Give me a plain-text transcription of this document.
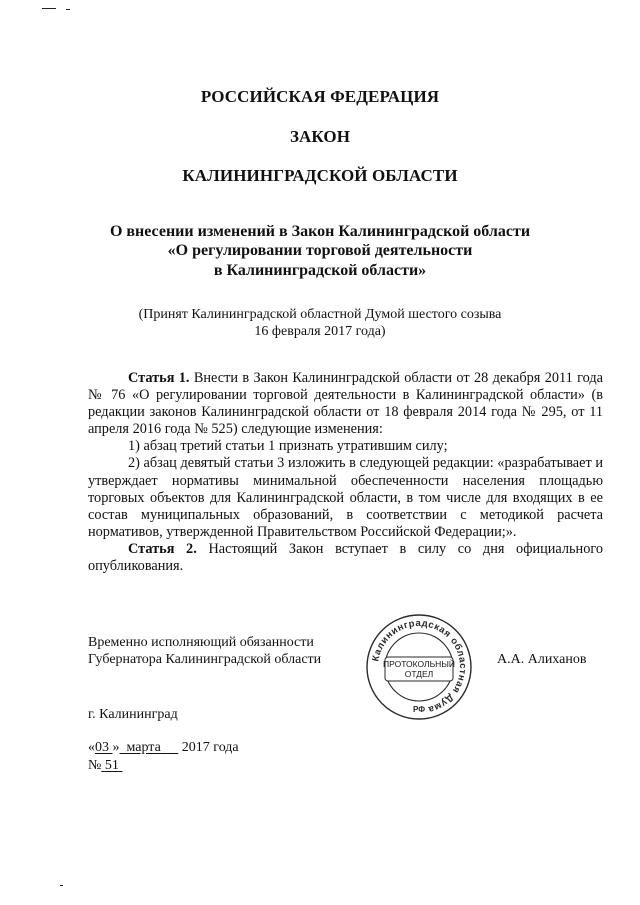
РОССИЙСКАЯ ФЕДЕРАЦИЯ
ЗАКОН
КАЛИНИНГРАДСКОЙ ОБЛАСТИ
О внесении изменений в Закон Калининградской области
«О регулировании торговой деятельности
в Калининградской области»
(Принят Калининградской областной Думой шестого созыва
16 февраля 2017 года)

Статья 1. Внести в Закон Калининградской области от 28 декабря 2011 года № 76 «О регулировании торговой деятельности в Калининградской области» (в редакции законов Калининградской области от 18 февраля 2014 года № 295, от 11 апреля 2016 года № 525) следующие изменения:

1) абзац третий статьи 1 признать утратившим силу;

2) абзац девятый статьи 3 изложить в следующей редакции: «разрабатывает и утверждает нормативы минимальной обеспеченности населения площадью торговых объектов для Калининградской области, в том числе для входящих в ее состав муниципальных образований, в соответствии с методикой расчета нормативов, утвержденной Правительством Российской Федерации;».

Статья 2. Настоящий Закон вступает в силу со дня официального опубликования.

Временно исполняющий обязанности
Губернатора Калининградской области	А.А. Алиханов
Калининградская областная Дума
ПРОТОКОЛЬНЫЙ
ОТДЕЛ
РФ
г. Калининград
«03 » марта 2017 года
№ 51
